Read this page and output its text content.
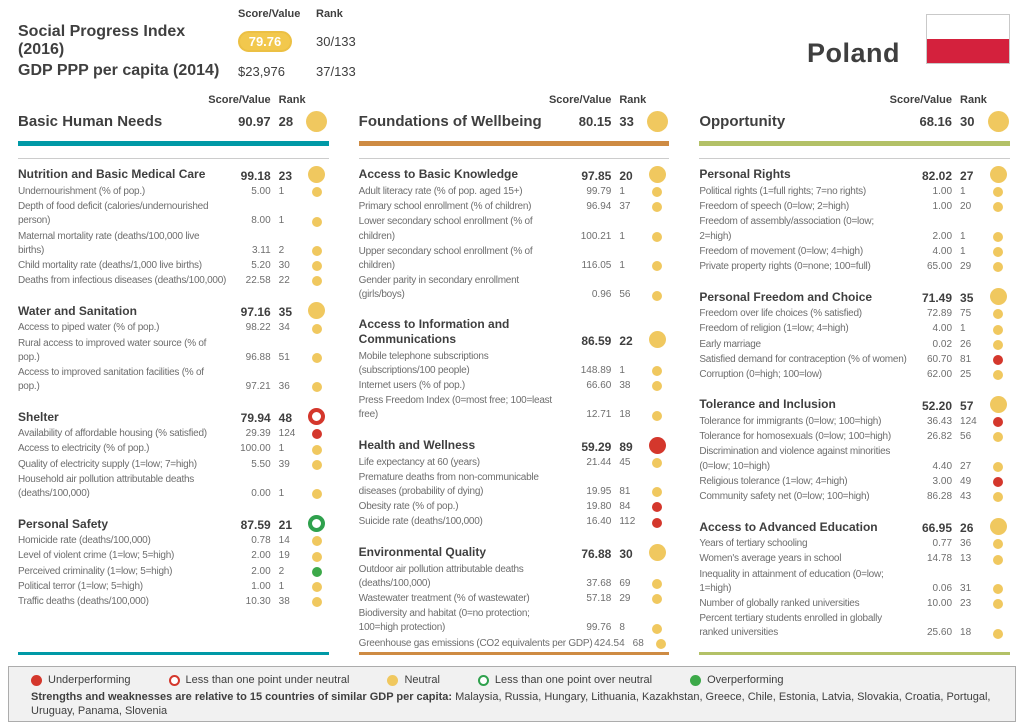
Score/Value	Rank
Social Progress Index (2016)	79.76	30/133
GDP PPP per capita (2014)	$23,976	37/133
Poland
Score/Value Rank
Basic Human Needs	90.97 28
Nutrition and Basic Medical Care	99.18 23
Undernourishment (% of pop.)	5.00 1
Depth of food deficit (calories/undernourished person)	8.00 1
Maternal mortality rate (deaths/100,000 live births)	3.11 2
Child mortality rate (deaths/1,000 live births)	5.20 30
Deaths from infectious diseases (deaths/100,000)	22.58 22
Water and Sanitation	97.16 35
Access to piped water (% of pop.)	98.22 34
Rural access to improved water source (% of pop.)	96.88 51
Access to improved sanitation facilities (% of pop.)	97.21 36
Shelter	79.94 48
Availability of affordable housing (% satisfied)	29.39 124
Access to electricity (% of pop.)	100.00 1
Quality of electricity supply (1=low; 7=high)	5.50 39
Household air pollution attributable deaths (deaths/100,000)	0.00 1
Personal Safety	87.59 21
Homicide rate (deaths/100,000)	0.78 14
Level of violent crime (1=low; 5=high)	2.00 19
Perceived criminality (1=low; 5=high)	2.00 2
Political terror (1=low; 5=high)	1.00 1
Traffic deaths (deaths/100,000)	10.30 38
Score/Value Rank
Foundations of Wellbeing	80.15 33
Access to Basic Knowledge	97.85 20
Adult literacy rate (% of pop. aged 15+)	99.79 1
Primary school enrollment (% of children)	96.94 37
Lower secondary school enrollment (% of children)	100.21 1
Upper secondary school enrollment (% of children)	116.05 1
Gender parity in secondary enrollment (girls/boys)	0.96 56
Access to Information and Communications	86.59 22
Mobile telephone subscriptions (subscriptions/100 people)	148.89 1
Internet users (% of pop.)	66.60 38
Press Freedom Index (0=most free; 100=least free)	12.71 18
Health and Wellness	59.29 89
Life expectancy at 60 (years)	21.44 45
Premature deaths from non-communicable diseases (probability of dying)	19.95 81
Obesity rate (% of pop.)	19.80 84
Suicide rate (deaths/100,000)	16.40 112
Environmental Quality	76.88 30
Outdoor air pollution attributable deaths (deaths/100,000)	37.68 69
Wastewater treatment (% of wastewater)	57.18 29
Biodiversity and habitat (0=no protection; 100=high protection)	99.76 8
Greenhouse gas emissions (CO2 equivalents per GDP) 424.54 68
Score/Value Rank
Opportunity	68.16 30
Personal Rights	82.02 27
Political rights (1=full rights; 7=no rights)	1.00 1
Freedom of speech (0=low; 2=high)	1.00 20
Freedom of assembly/association (0=low; 2=high)	2.00 1
Freedom of movement (0=low; 4=high)	4.00 1
Private property rights (0=none; 100=full)	65.00 29
Personal Freedom and Choice	71.49 35
Freedom over life choices (% satisfied)	72.89 75
Freedom of religion (1=low; 4=high)	4.00 1
Early marriage	0.02 26
Satisfied demand for contraception (% of women)	60.70 81
Corruption (0=high; 100=low)	62.00 25
Tolerance and Inclusion	52.20 57
Tolerance for immigrants (0=low; 100=high)	36.43 124
Tolerance for homosexuals (0=low; 100=high)	26.82 56
Discrimination and violence against minorities (0=low; 10=high)	4.40 27
Religious tolerance (1=low; 4=high)	3.00 49
Community safety net (0=low; 100=high)	86.28 43
Access to Advanced Education	66.95 26
Years of tertiary schooling	0.77 36
Women's average years in school	14.78 13
Inequality in attainment of education (0=low; 1=high)	0.06 31
Number of globally ranked universities	10.00 23
Percent tertiary students enrolled in globally ranked universities	25.60 18
Underperforming	Less than one point under neutral	Neutral	Less than one point over neutral	Overperforming
Strengths and weaknesses are relative to 15 countries of similar GDP per capita: Malaysia, Russia, Hungary, Lithuania, Kazakhstan, Greece, Chile, Estonia, Latvia, Slovakia, Croatia, Portugal, Uruguay, Panama, Slovenia
